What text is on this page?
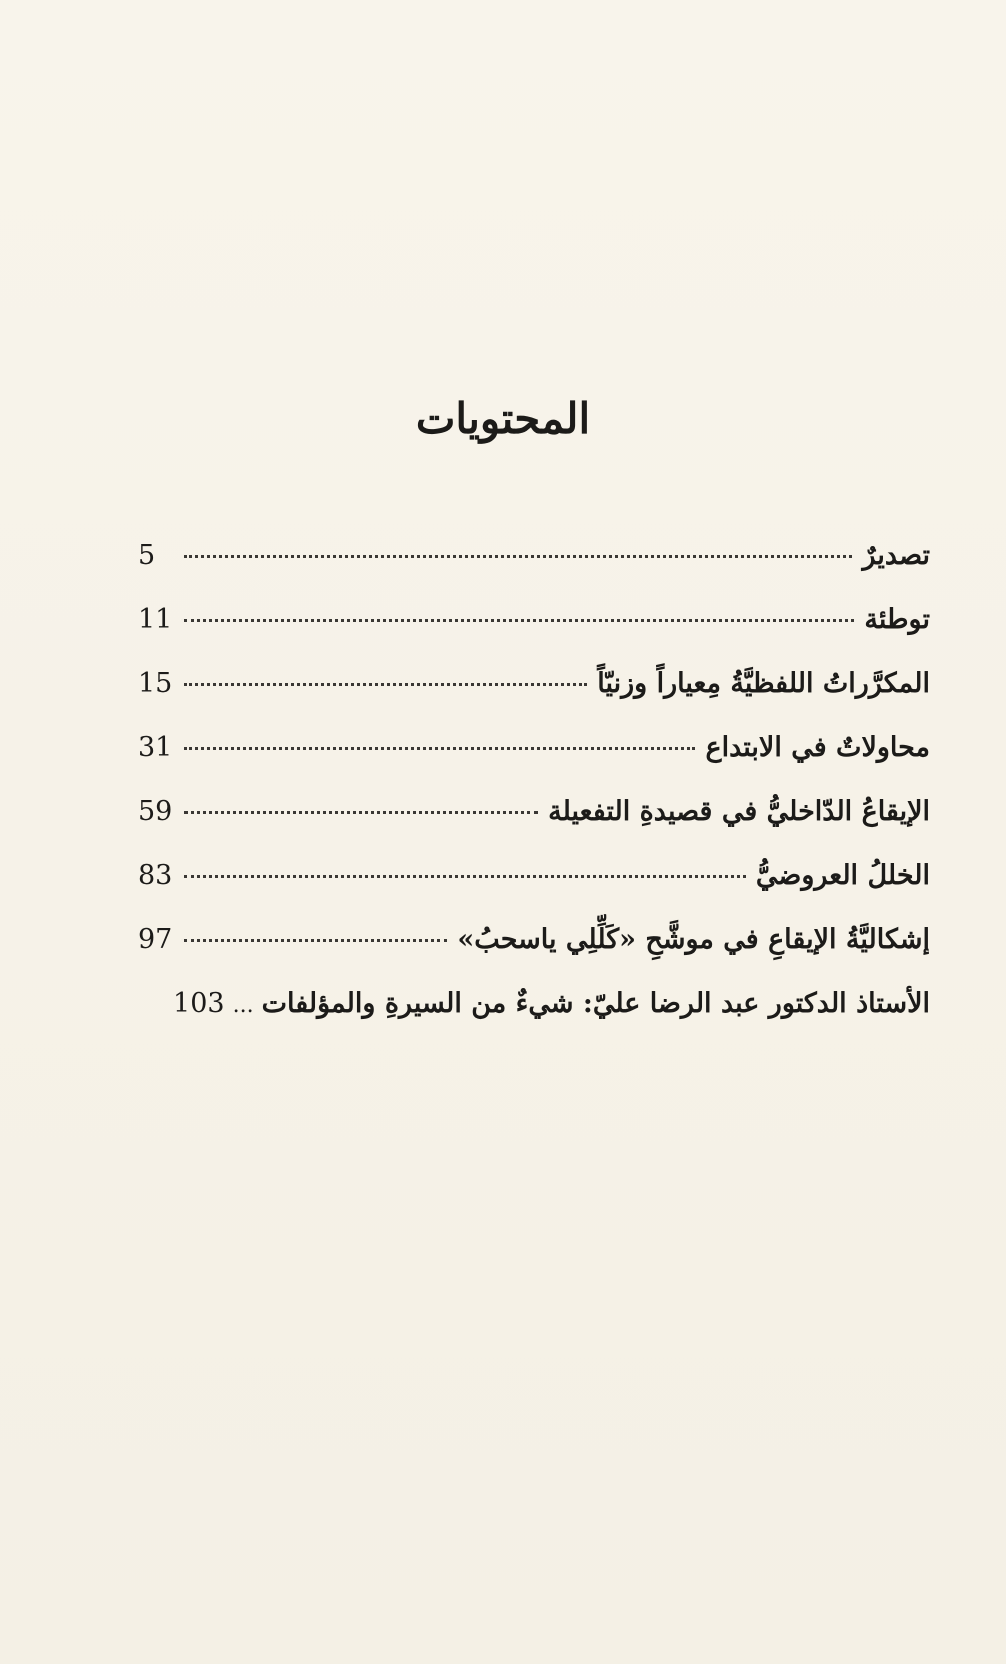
المحتويات
تصديرٌ
5
توطئة
11
المكرَّراتُ اللفظيَّةُ مِعياراً وزنيّاً
15
محاولاتٌ في الابتداع
31
الإيقاعُ الدّاخليُّ في قصيدةِ التفعيلة
59
الخللُ العروضيُّ
83
إشكاليَّةُ الإيقاعِ في موشَّحِ «كَلِّلِي ياسحبُ»
97
الأستاذ الدكتور عبد الرضا عليّ: شيءٌ من السيرةِ والمؤلفات
...
103
